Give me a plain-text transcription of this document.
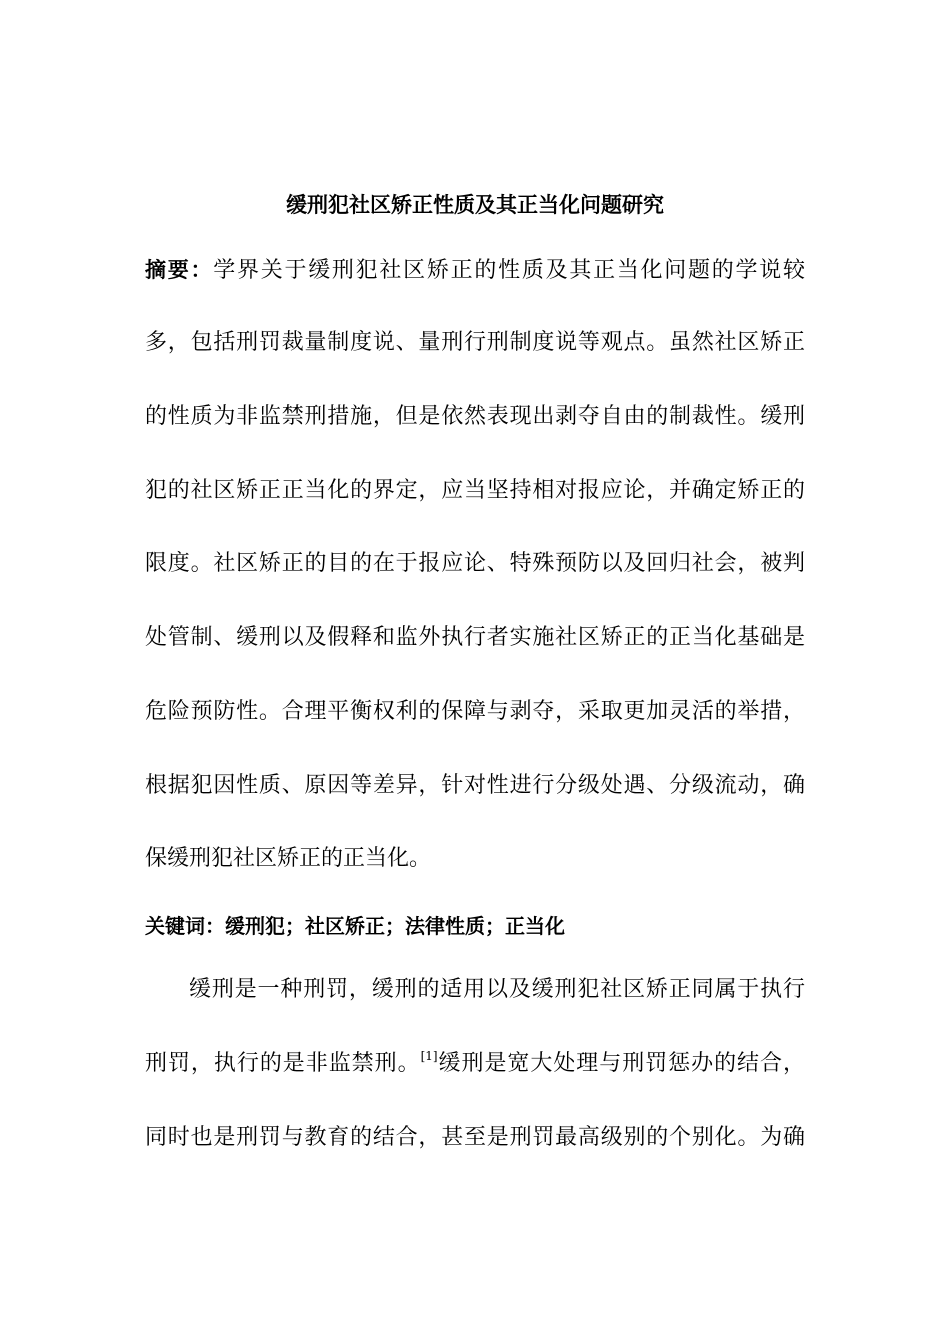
缓刑犯社区矫正性质及其正当化问题研究
摘要：学界关于缓刑犯社区矫正的性质及其正当化问题的学说较
多，包括刑罚裁量制度说、量刑行刑制度说等观点。虽然社区矫正
的性质为非监禁刑措施，但是依然表现出剥夺自由的制裁性。缓刑
犯的社区矫正正当化的界定，应当坚持相对报应论，并确定矫正的
限度。社区矫正的目的在于报应论、特殊预防以及回归社会，被判
处管制、缓刑以及假释和监外执行者实施社区矫正的正当化基础是
危险预防性。合理平衡权利的保障与剥夺，采取更加灵活的举措，
根据犯因性质、原因等差异，针对性进行分级处遇、分级流动，确
保缓刑犯社区矫正的正当化。
关键词：缓刑犯；社区矫正；法律性质；正当化
缓刑是一种刑罚，缓刑的适用以及缓刑犯社区矫正同属于执行
刑罚，执行的是非监禁刑。[1]缓刑是宽大处理与刑罚惩办的结合，
同时也是刑罚与教育的结合，甚至是刑罚最高级别的个别化。为确
